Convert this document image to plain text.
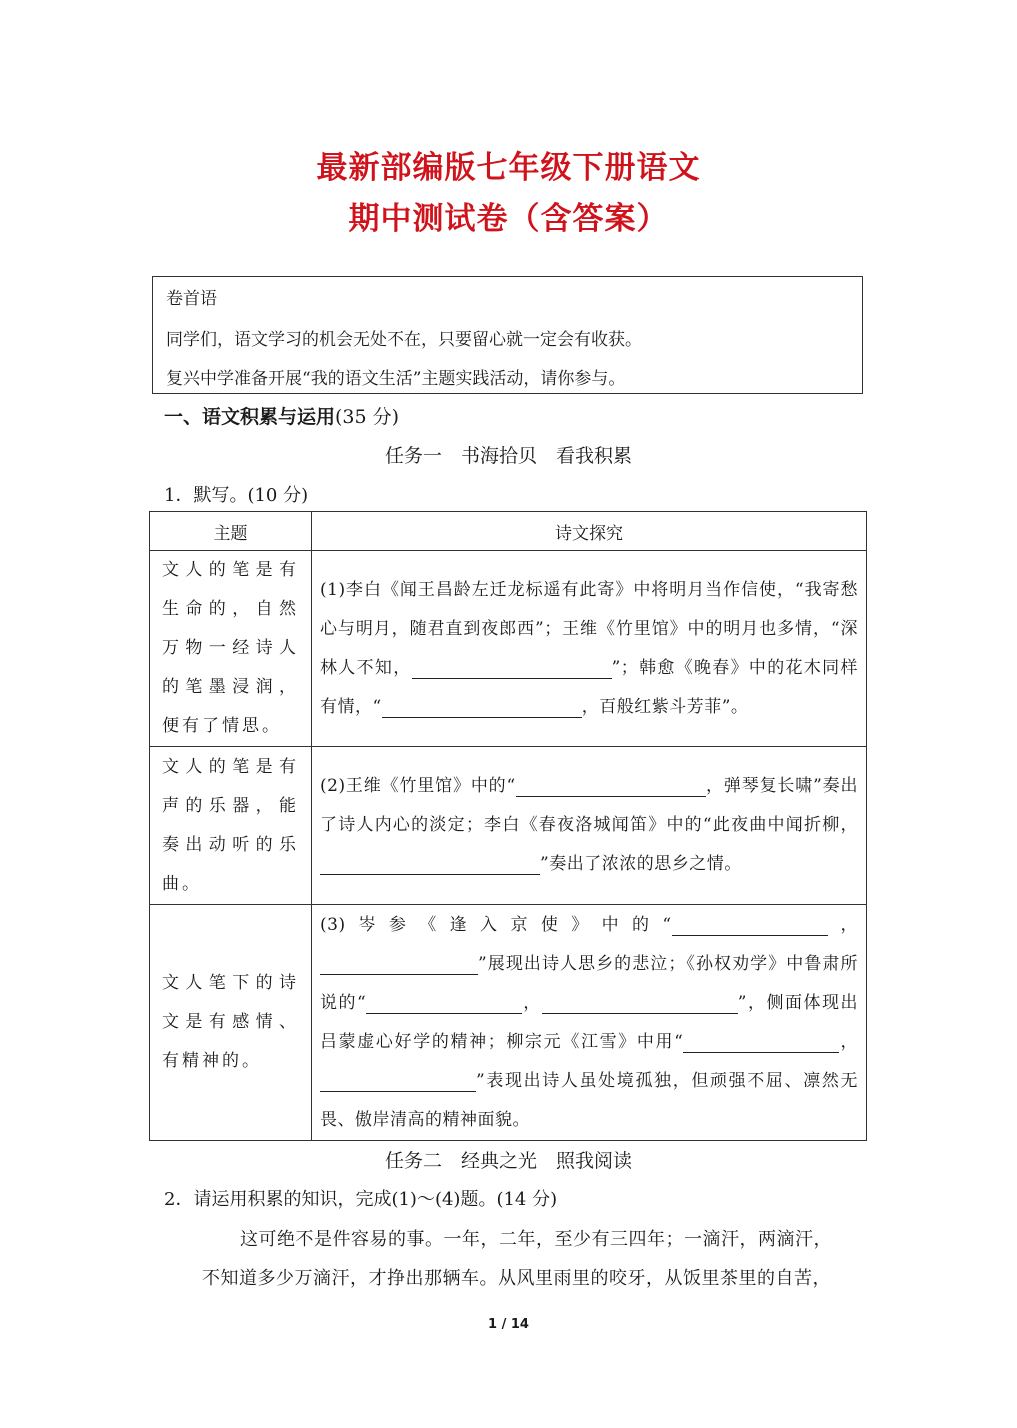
最新部编版七年级下册语文
期中测试卷（含答案）
卷首语
同学们，语文学习的机会无处不在，只要留心就一定会有收获。
复兴中学准备开展“我的语文生活”主题实践活动，请你参与。
一、语文积累与运用(35 分)
任务一　书海拾贝　看我积累
1．默写。(10 分)
主题	诗文探究
文人的笔是有生命的，自然万物一经诗人的笔墨浸润，便有了情思。	(1)李白《闻王昌龄左迁龙标遥有此寄》中将明月当作信使，“我寄愁心与明月，随君直到夜郎西”；王维《竹里馆》中的明月也多情，“深林人不知， ”；韩愈《晚春》中的花木同样有情，“ ，百般红紫斗芳菲”。
文人的笔是有声的乐器，能奏出动听的乐曲。	(2)王维《竹里馆》中的“ ，弹琴复长啸”奏出了诗人内心的淡定；李白《春夜洛城闻笛》中的“此夜曲中闻折柳，”奏出了浓浓的思乡之情。
文人笔下的诗文是有感情、有精神的。	(3)岑参《逢入京使》中的“ ，”展现出诗人思乡的悲泣；《孙权劝学》中鲁肃所说的“ ， ”，侧面体现出吕蒙虚心好学的精神；柳宗元《江雪》中用“ ，”表现出诗人虽处境孤独，但顽强不屈、凛然无畏、傲岸清高的精神面貌。
任务二　经典之光　照我阅读
2．请运用积累的知识，完成(1)～(4)题。(14 分)
这可绝不是件容易的事。一年，二年，至少有三四年；一滴汗，两滴汗，
不知道多少万滴汗，才挣出那辆车。从风里雨里的咬牙，从饭里茶里的自苦，
1 / 14
